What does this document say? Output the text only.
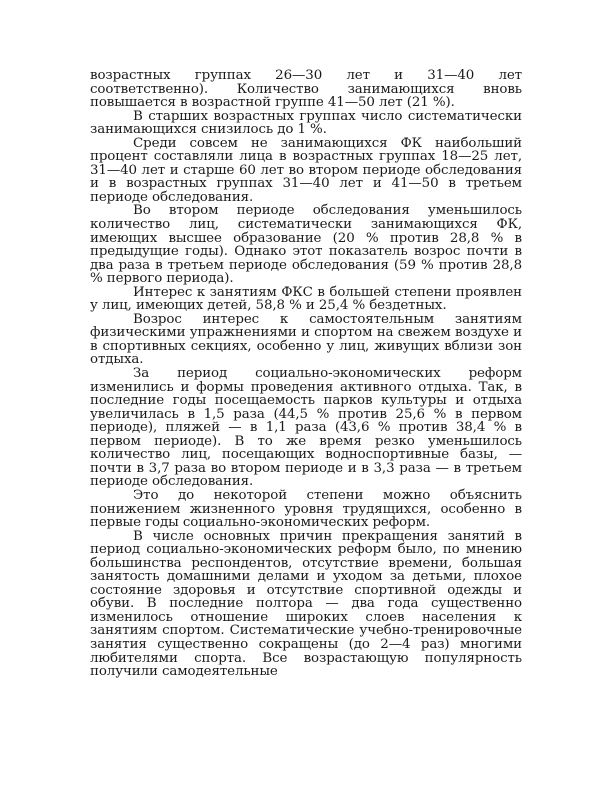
возрастных группах 26—30 лет и 31—40 лет соответственно). Количество занимающихся вновь повышается в возрастной группе 41—50 лет (21 %).

В старших возрастных группах число систематически занимающихся снизилось до 1 %.

Среди совсем не занимающихся ФК наибольший процент составляли лица в возрастных группах 18—25 лет, 31—40 лет и старше 60 лет во втором периоде обследования и в возрастных группах 31—40 лет и 41—50 в третьем периоде обследования.

Во втором периоде обследования уменьшилось количество лиц, систематически занимающихся ФК, имеющих высшее образование (20 % против 28,8 % в предыдущие годы). Однако этот показатель возрос почти в два раза в третьем периоде обследования (59 % против 28,8 % первого периода).

Интерес к занятиям ФКС в большей степени проявлен у лиц, имеющих детей, 58,8 % и 25,4 % бездетных.

Возрос интерес к самостоятельным занятиям физическими упражнениями и спортом на свежем воздухе и в спортивных секциях, особенно у лиц, живущих вблизи зон отдыха.

За период социально-экономических реформ изменились и формы проведения активного отдыха. Так, в последние годы посещаемость парков культуры и отдыха увеличилась в 1,5 раза (44,5 % против 25,6 % в первом периоде), пляжей — в 1,1 раза (43,6 % против 38,4 % в первом периоде). В то же время резко уменьшилось количество лиц, посещающих водноспортивные базы, — почти в 3,7 раза во втором периоде и в 3,3 раза — в третьем периоде обследования.

Это до некоторой степени можно объяснить понижением жизненного уровня трудящихся, особенно в первые годы социально-экономических реформ.

В числе основных причин прекращения занятий в период социально-экономических реформ было, по мнению большинства респондентов, отсутствие времени, большая занятость домашними делами и уходом за детьми, плохое состояние здоровья и отсутствие спортивной одежды и обуви. В последние полтора — два года существенно изменилось отношение широких слоев населения к занятиям спортом. Систематические учебно-тренировочные занятия существенно сокращены (до 2—4 раз) многими любителями спорта. Все возрастающую популярность получили самодеятельные
